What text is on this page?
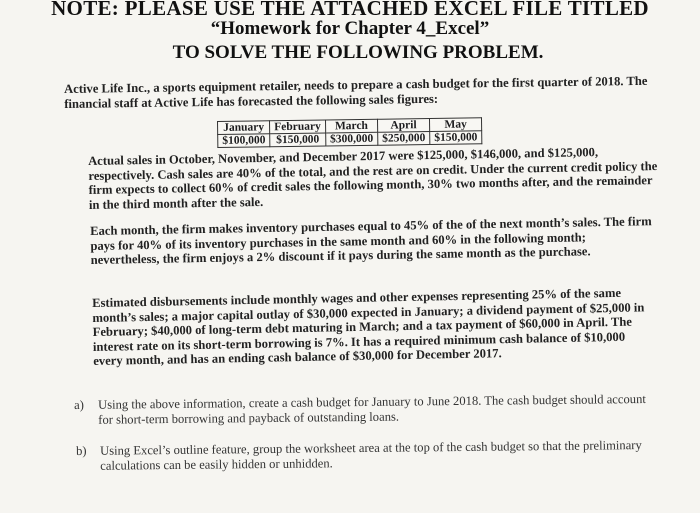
NOTE: PLEASE USE THE ATTACHED EXCEL FILE TITLED
“Homework for Chapter 4_Excel”
TO SOLVE THE FOLLOWING PROBLEM.
Active Life Inc., a sports equipment retailer, needs to prepare a cash budget for the first quarter of 2018. The financial staff at Active Life has forecasted the following sales figures:
January	February	March	April	May
$100,000	$150,000	$300,000	$250,000	$150,000
Actual sales in October, November, and December 2017 were $125,000, $146,000, and $125,000, respectively. Cash sales are 40% of the total, and the rest are on credit. Under the current credit policy the firm expects to collect 60% of credit sales the following month, 30% two months after, and the remainder in the third month after the sale.
Each month, the firm makes inventory purchases equal to 45% of the of the next month’s sales. The firm pays for 40% of its inventory purchases in the same month and 60% in the following month; nevertheless, the firm enjoys a 2% discount if it pays during the same month as the purchase.
Estimated disbursements include monthly wages and other expenses representing 25% of the same month’s sales; a major capital outlay of $30,000 expected in January; a dividend payment of $25,000 in February; $40,000 of long-term debt maturing in March; and a tax payment of $60,000 in April. The interest rate on its short-term borrowing is 7%. It has a required minimum cash balance of $10,000 every month, and has an ending cash balance of $30,000 for December 2017.
a) Using the above information, create a cash budget for January to June 2018. The cash budget should account for short-term borrowing and payback of outstanding loans.
b) Using Excel’s outline feature, group the worksheet area at the top of the cash budget so that the preliminary calculations can be easily hidden or unhidden.
